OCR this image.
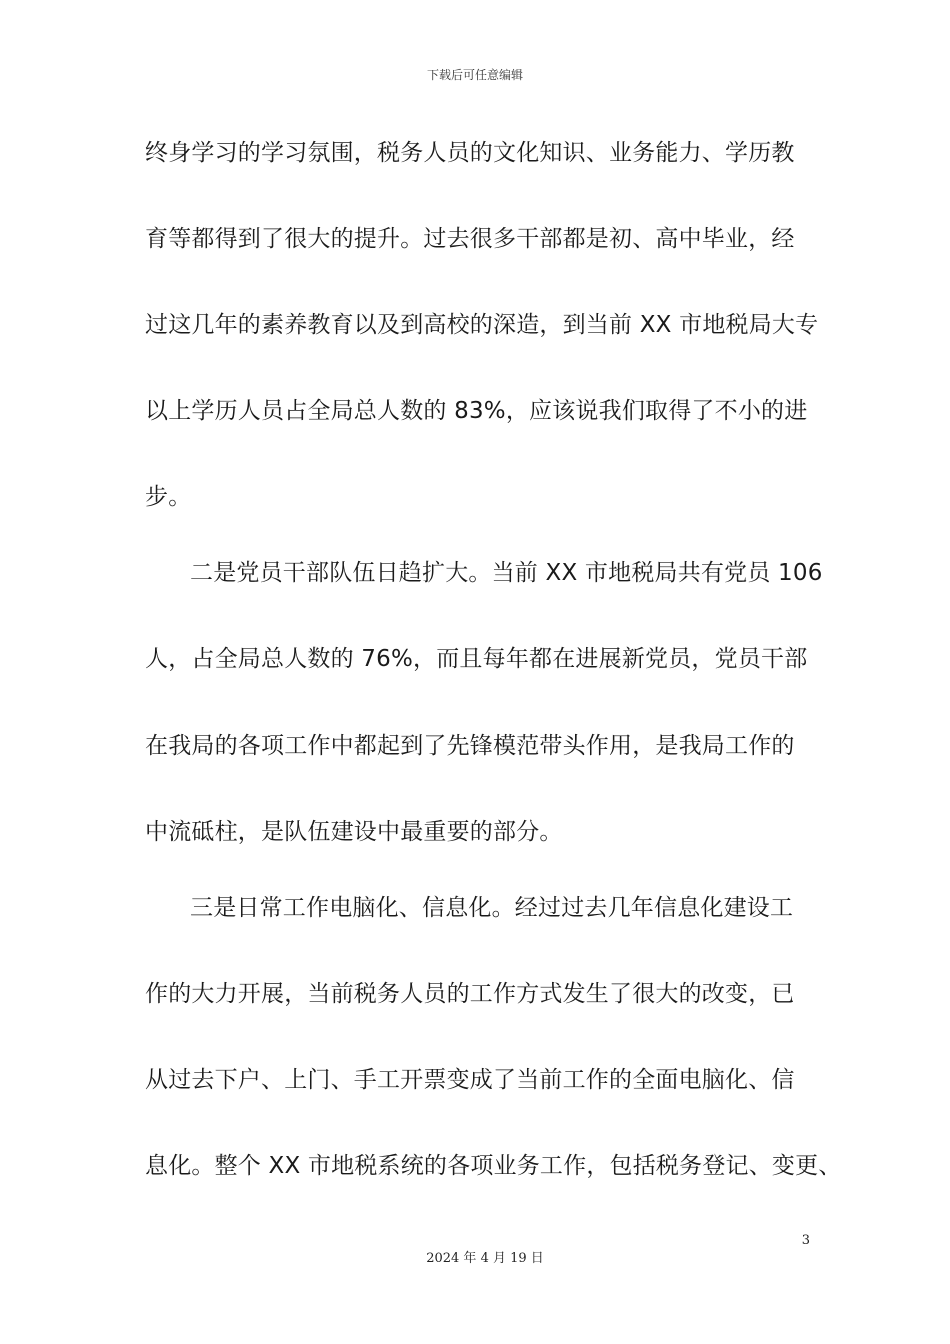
下载后可任意编辑
终身学习的学习氛围，税务人员的文化知识、业务能力、学历教
育等都得到了很大的提升。过去很多干部都是初、高中毕业，经
过这几年的素养教育以及到高校的深造，到当前 XX 市地税局大专
以上学历人员占全局总人数的 83%，应该说我们取得了不小的进
步。
二是党员干部队伍日趋扩大。当前 XX 市地税局共有党员 106
人，占全局总人数的 76%，而且每年都在进展新党员，党员干部
在我局的各项工作中都起到了先锋模范带头作用，是我局工作的
中流砥柱，是队伍建设中最重要的部分。
三是日常工作电脑化、信息化。经过过去几年信息化建设工
作的大力开展，当前税务人员的工作方式发生了很大的改变，已
从过去下户、上门、手工开票变成了当前工作的全面电脑化、信
息化。整个 XX 市地税系统的各项业务工作，包括税务登记、变更、
3
2024 年 4 月 19 日
